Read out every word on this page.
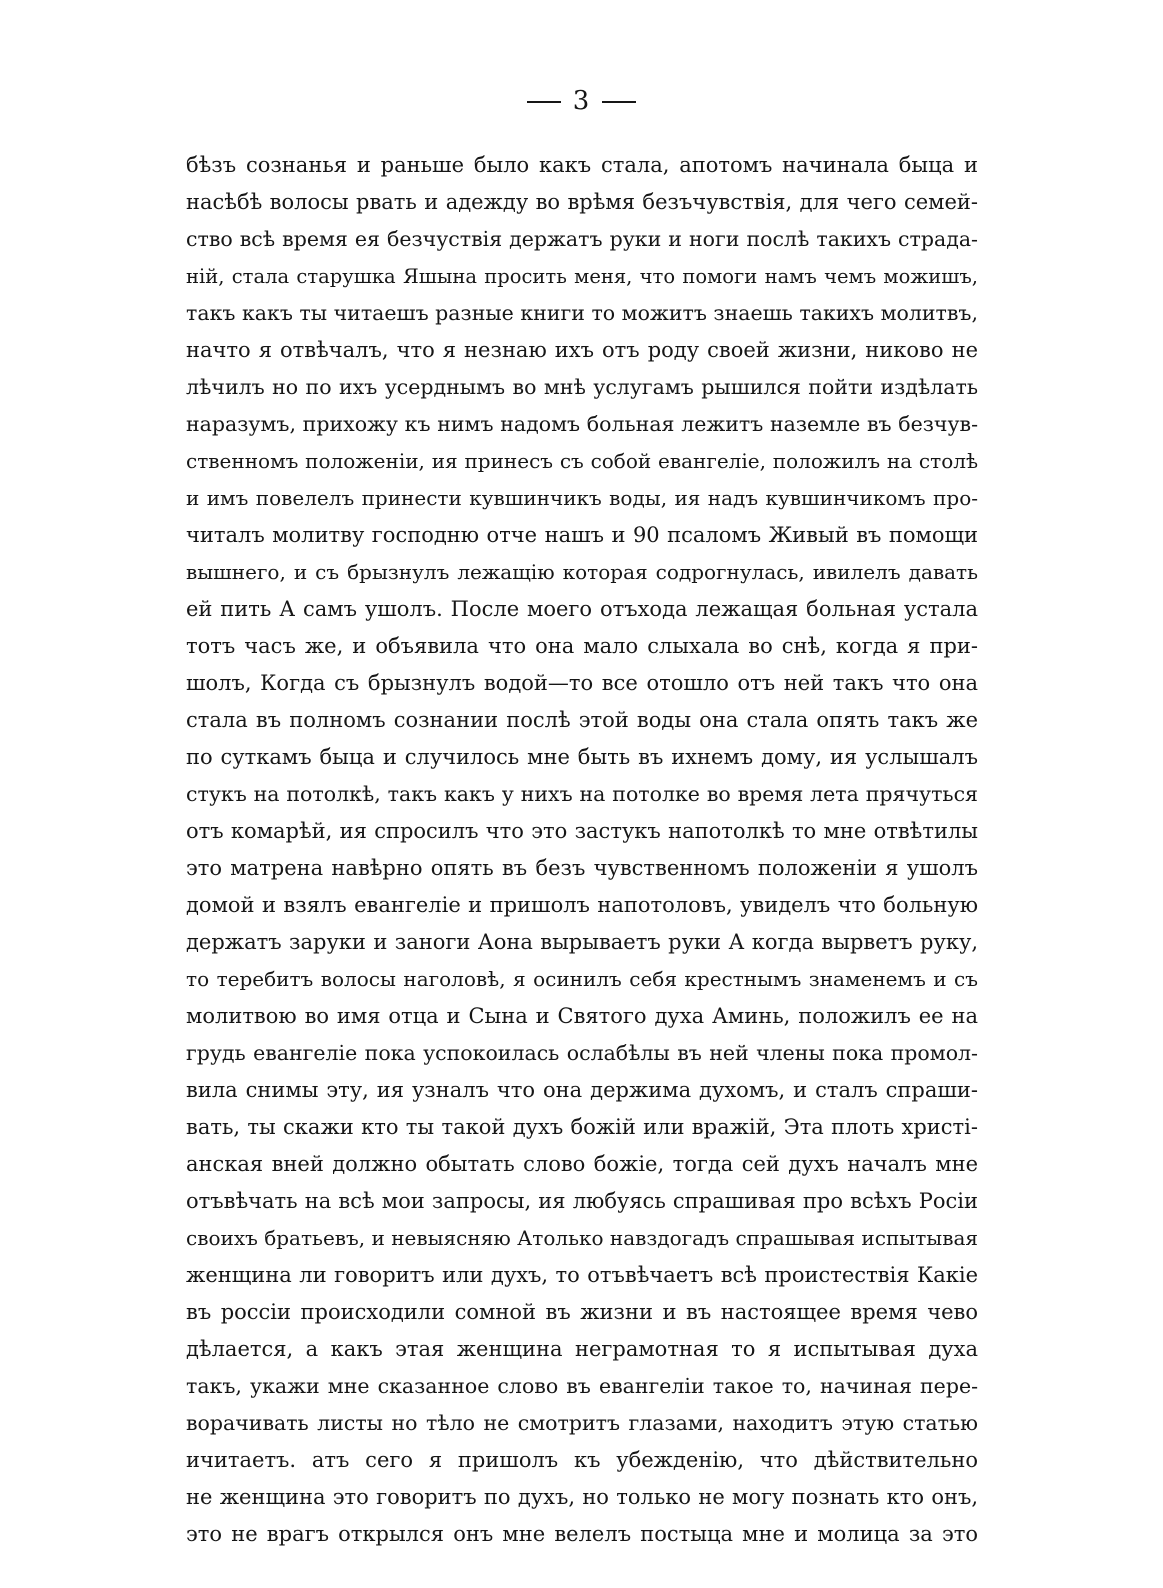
3
бѣзъ сознанья и раньше было какъ стала, апотомъ начинала быца и
насѣбѣ волосы рвать и адежду во врѣмя безъчувствія, для чего семей-
ство всѣ время ея безчуствія держатъ руки и ноги послѣ такихъ страда-
ній, стала старушка Яшына просить меня, что помоги намъ чемъ можишъ,
такъ какъ ты читаешъ разные книги то можитъ знаешь такихъ молитвъ,
начто я отвѣчалъ, что я незнаю ихъ отъ роду своей жизни, никово не
лѣчилъ но по ихъ усерднымъ во мнѣ услугамъ рышился пойти издѣлать
наразумъ, прихожу къ нимъ надомъ больная лежитъ наземле въ безчув-
ственномъ положеніи, ия принесъ съ собой евангеліе, положилъ на столѣ
и имъ повелелъ принести кувшинчикъ воды, ия надъ кувшинчикомъ про-
читалъ молитву господню отче нашъ и 90 псаломъ Живый въ помощи
вышнего, и съ брызнулъ лежащію которая содрогнулась, ивилелъ давать
ей пить А самъ ушолъ. После моего отъхода лежащая больная устала
тотъ часъ же, и объявила что она мало слыхала во снѣ, когда я при-
шолъ, Когда съ брызнулъ водой—то все отошло отъ ней такъ что она
стала въ полномъ сознании послѣ этой воды она стала опять такъ же
по суткамъ быца и случилось мне быть въ ихнемъ дому, ия услышалъ
стукъ на потолкѣ, такъ какъ у нихъ на потолке во время лета прячуться
отъ комарѣй, ия спросилъ что это застукъ напотолкѣ то мне отвѣтилы
это матрена навѣрно опять въ безъ чувственномъ положеніи я ушолъ
домой и взялъ евангеліе и пришолъ напотоловъ, увиделъ что больную
держатъ заруки и заноги Аона вырываетъ руки А когда вырветъ руку,
то теребитъ волосы наголовѣ, я осинилъ себя крестнымъ знаменемъ и съ
молитвою во имя отца и Сына и Святого духа Аминь, положилъ ее на
грудь евангеліе пока успокоилась ослабѣлы въ ней члены пока промол-
вила снимы эту, ия узналъ что она держима духомъ, и сталъ спраши-
вать, ты скажи кто ты такой духъ божій или вражій, Эта плоть христі-
анская вней должно обытать слово божіе, тогда сей духъ началъ мне
отъвѣчать на всѣ мои запросы, ия любуясь спрашивая про всѣхъ Росіи
своихъ братьевъ, и невыясняю Атолько навздогадъ спрашывая испытывая
женщина ли говоритъ или духъ, то отъвѣчаетъ всѣ проистествія Какіе
въ россіи происходили сомной въ жизни и въ настоящее время чево
дѣлается, а какъ этая женщина неграмотная то я испытывая духа
такъ, укажи мне сказанное слово въ евангеліи такое то, начиная пере-
ворачивать листы но тѣло не смотритъ глазами, находитъ этую статью
ичитаетъ. атъ сего я пришолъ къ убежденію, что дѣйствительно
не женщина это говоритъ по духъ, но только не могу познать кто онъ,
это не врагъ открылся онъ мне велелъ постыца мне и молица за это
